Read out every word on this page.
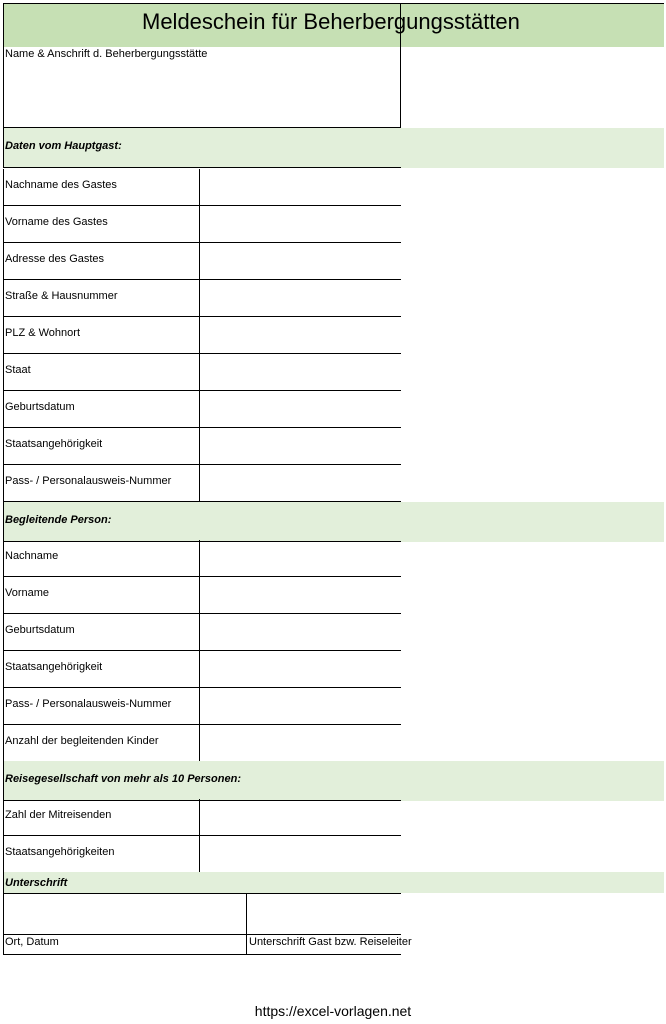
Meldeschein für Beherbergungsstätten
Name & Anschrift d. Beherbergungsstätte
Daten vom Hauptgast:
Nachname des Gastes
Vorname des Gastes
Adresse des Gastes
Straße & Hausnummer
PLZ & Wohnort
Staat
Geburtsdatum
Staatsangehörigkeit
Pass- / Personalausweis-Nummer
Begleitende Person:
Nachname
Vorname
Geburtsdatum
Staatsangehörigkeit
Pass- / Personalausweis-Nummer
Anzahl der begleitenden Kinder
Reisegesellschaft von mehr als 10 Personen:
Zahl der Mitreisenden
Staatsangehörigkeiten
Unterschrift
Ort, Datum	Unterschrift Gast bzw. Reiseleiter
https://excel-vorlagen.net
